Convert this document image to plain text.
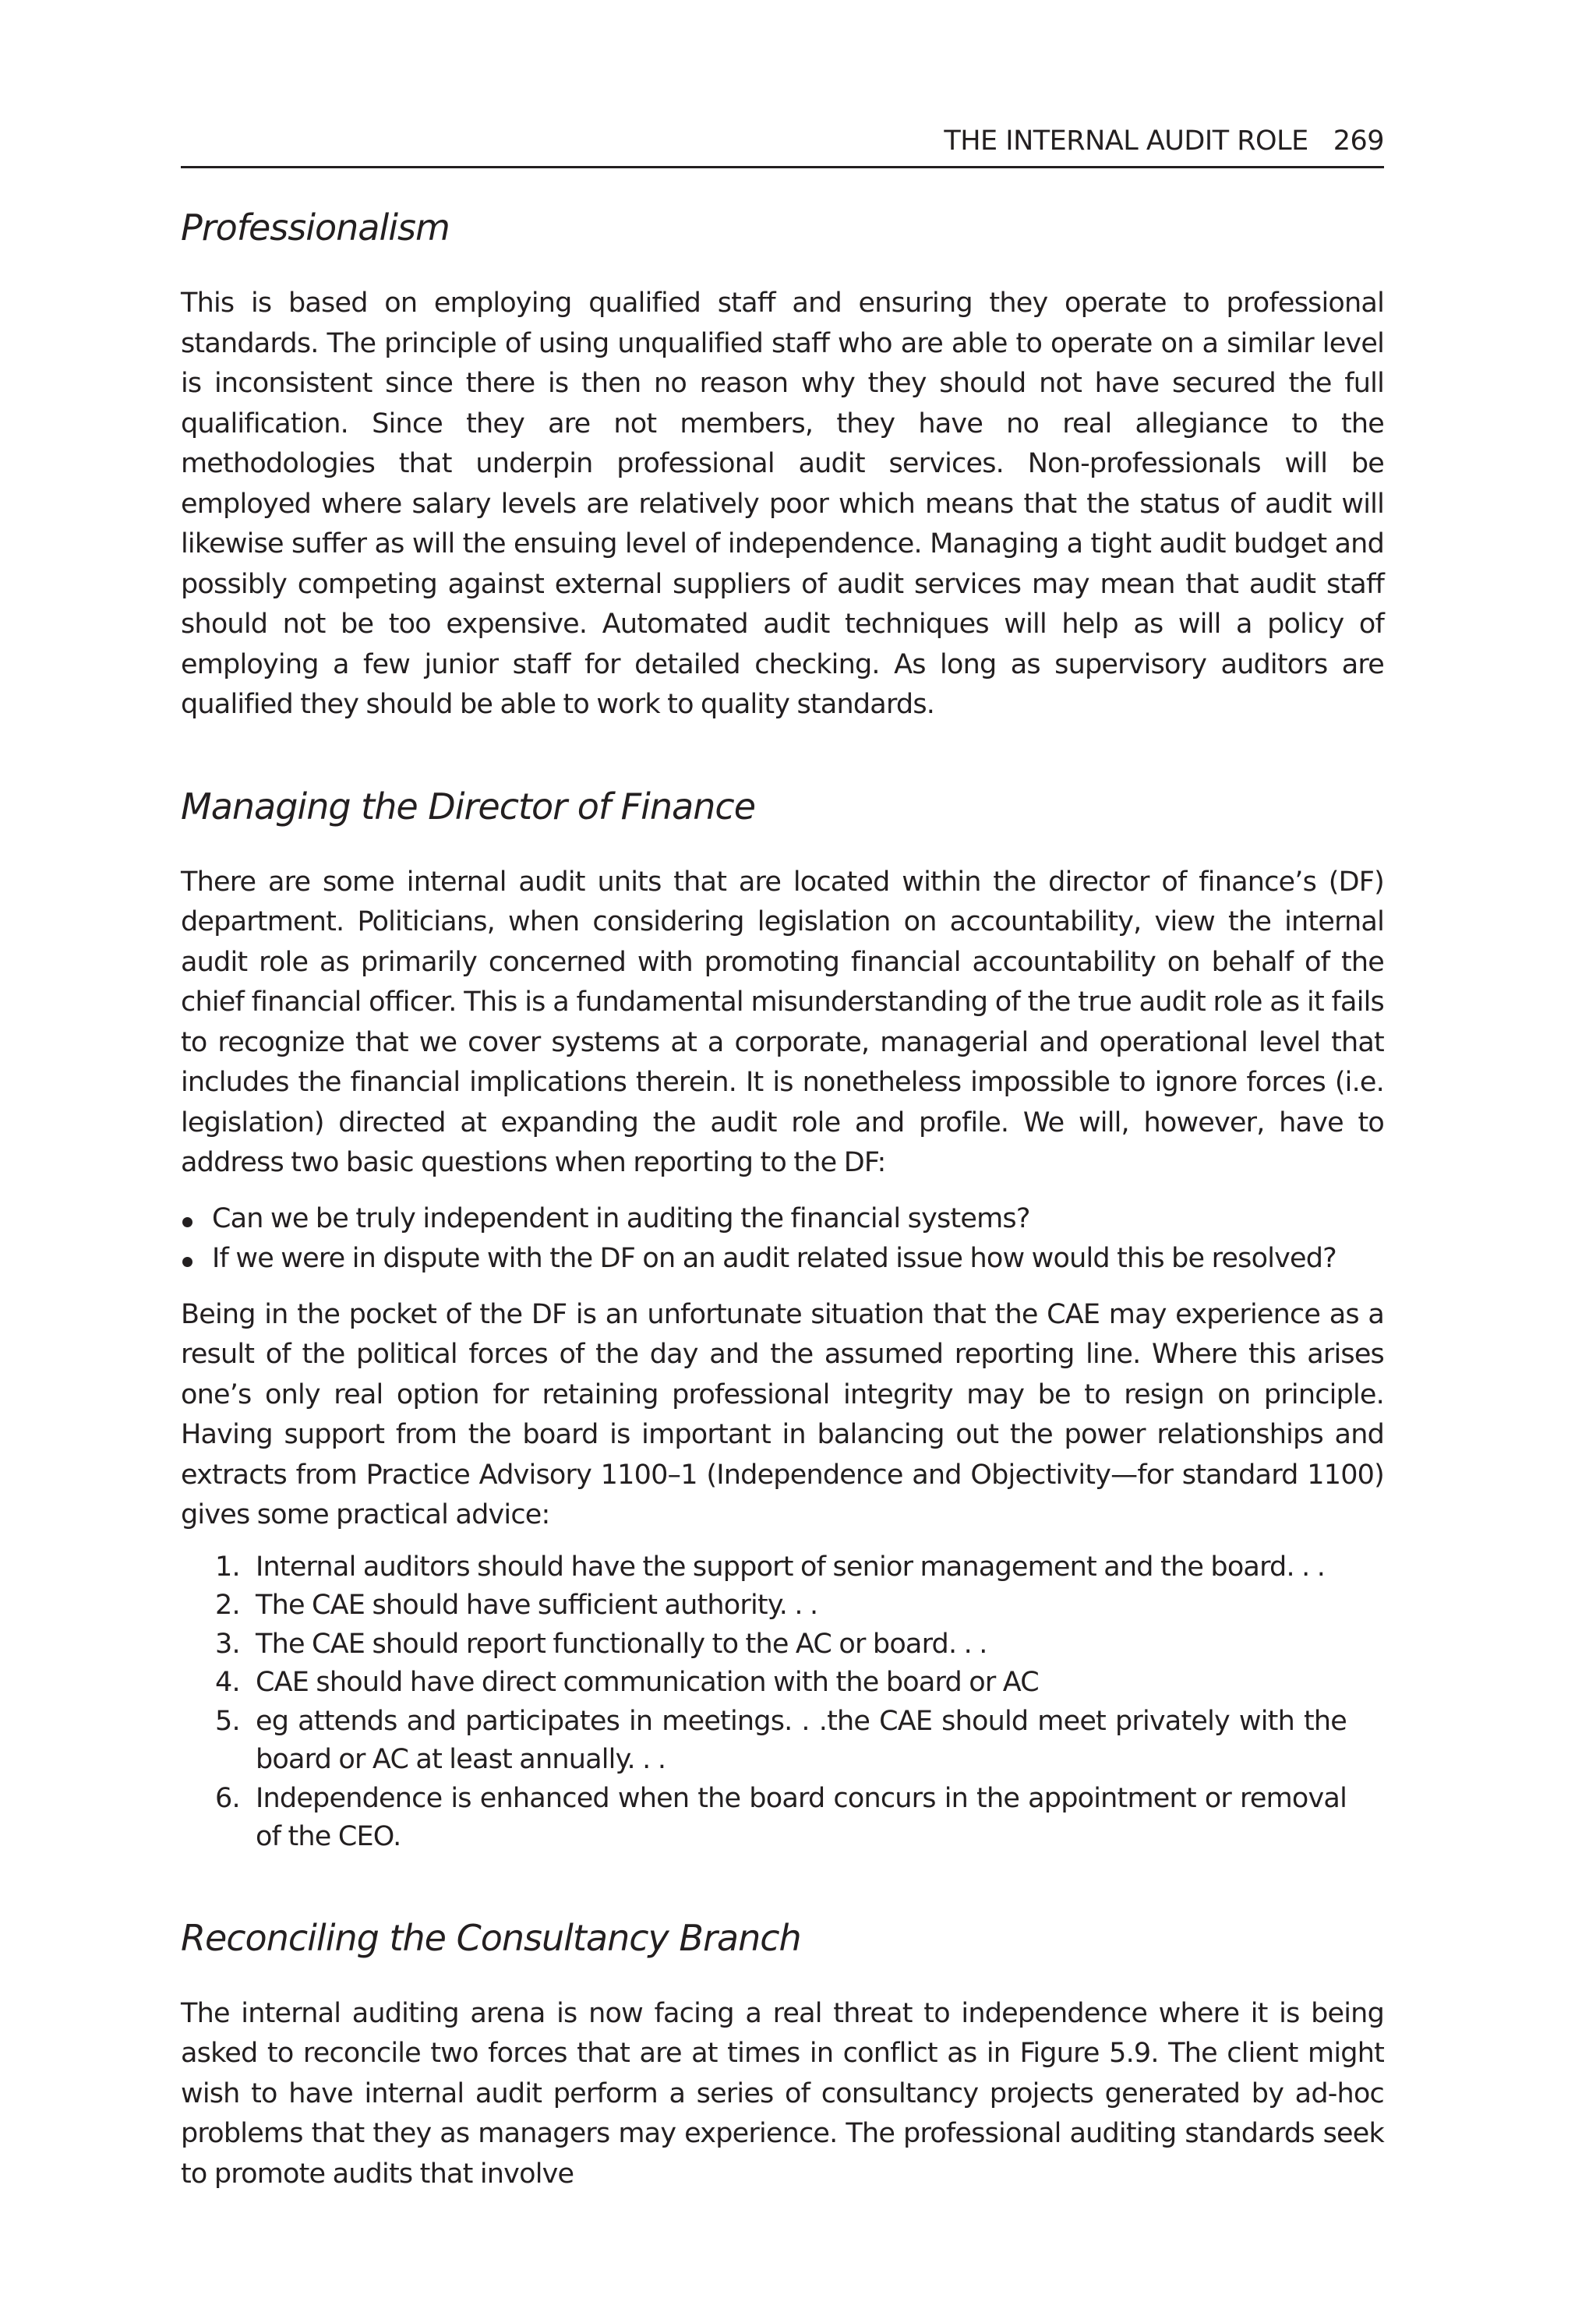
THE INTERNAL AUDIT ROLE 269
Professionalism

This is based on employing qualified staff and ensuring they operate to professional standards. The principle of using unqualified staff who are able to operate on a similar level is inconsistent since there is then no reason why they should not have secured the full qualification. Since they are not members, they have no real allegiance to the methodologies that underpin professional audit services. Non-professionals will be employed where salary levels are relatively poor which means that the status of audit will likewise suffer as will the ensuing level of independence. Managing a tight audit budget and possibly competing against external suppliers of audit services may mean that audit staff should not be too expensive. Automated audit techniques will help as will a policy of employing a few junior staff for detailed checking. As long as supervisory auditors are qualified they should be able to work to quality standards.

Managing the Director of Finance

There are some internal audit units that are located within the director of finance’s (DF) department. Politicians, when considering legislation on accountability, view the internal audit role as primarily concerned with promoting financial accountability on behalf of the chief financial officer. This is a fundamental misunderstanding of the true audit role as it fails to recognize that we cover systems at a corporate, managerial and operational level that includes the financial implications therein. It is nonetheless impossible to ignore forces (i.e. legislation) directed at expanding the audit role and profile. We will, however, have to address two basic questions when reporting to the DF:

Can we be truly independent in auditing the financial systems?
If we were in dispute with the DF on an audit related issue how would this be resolved?

Being in the pocket of the DF is an unfortunate situation that the CAE may experience as a result of the political forces of the day and the assumed reporting line. Where this arises one’s only real option for retaining professional integrity may be to resign on principle. Having support from the board is important in balancing out the power relationships and extracts from Practice Advisory 1100–1 (Independence and Objectivity—for standard 1100) gives some practical advice:

1. Internal auditors should have the support of senior management and the board. . .
2. The CAE should have sufficient authority. . .
3. The CAE should report functionally to the AC or board. . .
4. CAE should have direct communication with the board or AC
5. eg attends and participates in meetings. . .the CAE should meet privately with the board or AC at least annually. . .
6. Independence is enhanced when the board concurs in the appointment or removal of the CEO.
Reconciling the Consultancy Branch

The internal auditing arena is now facing a real threat to independence where it is being asked to reconcile two forces that are at times in conflict as in Figure 5.9. The client might wish to have internal audit perform a series of consultancy projects generated by ad-hoc problems that they as managers may experience. The professional auditing standards seek to promote audits that involve
